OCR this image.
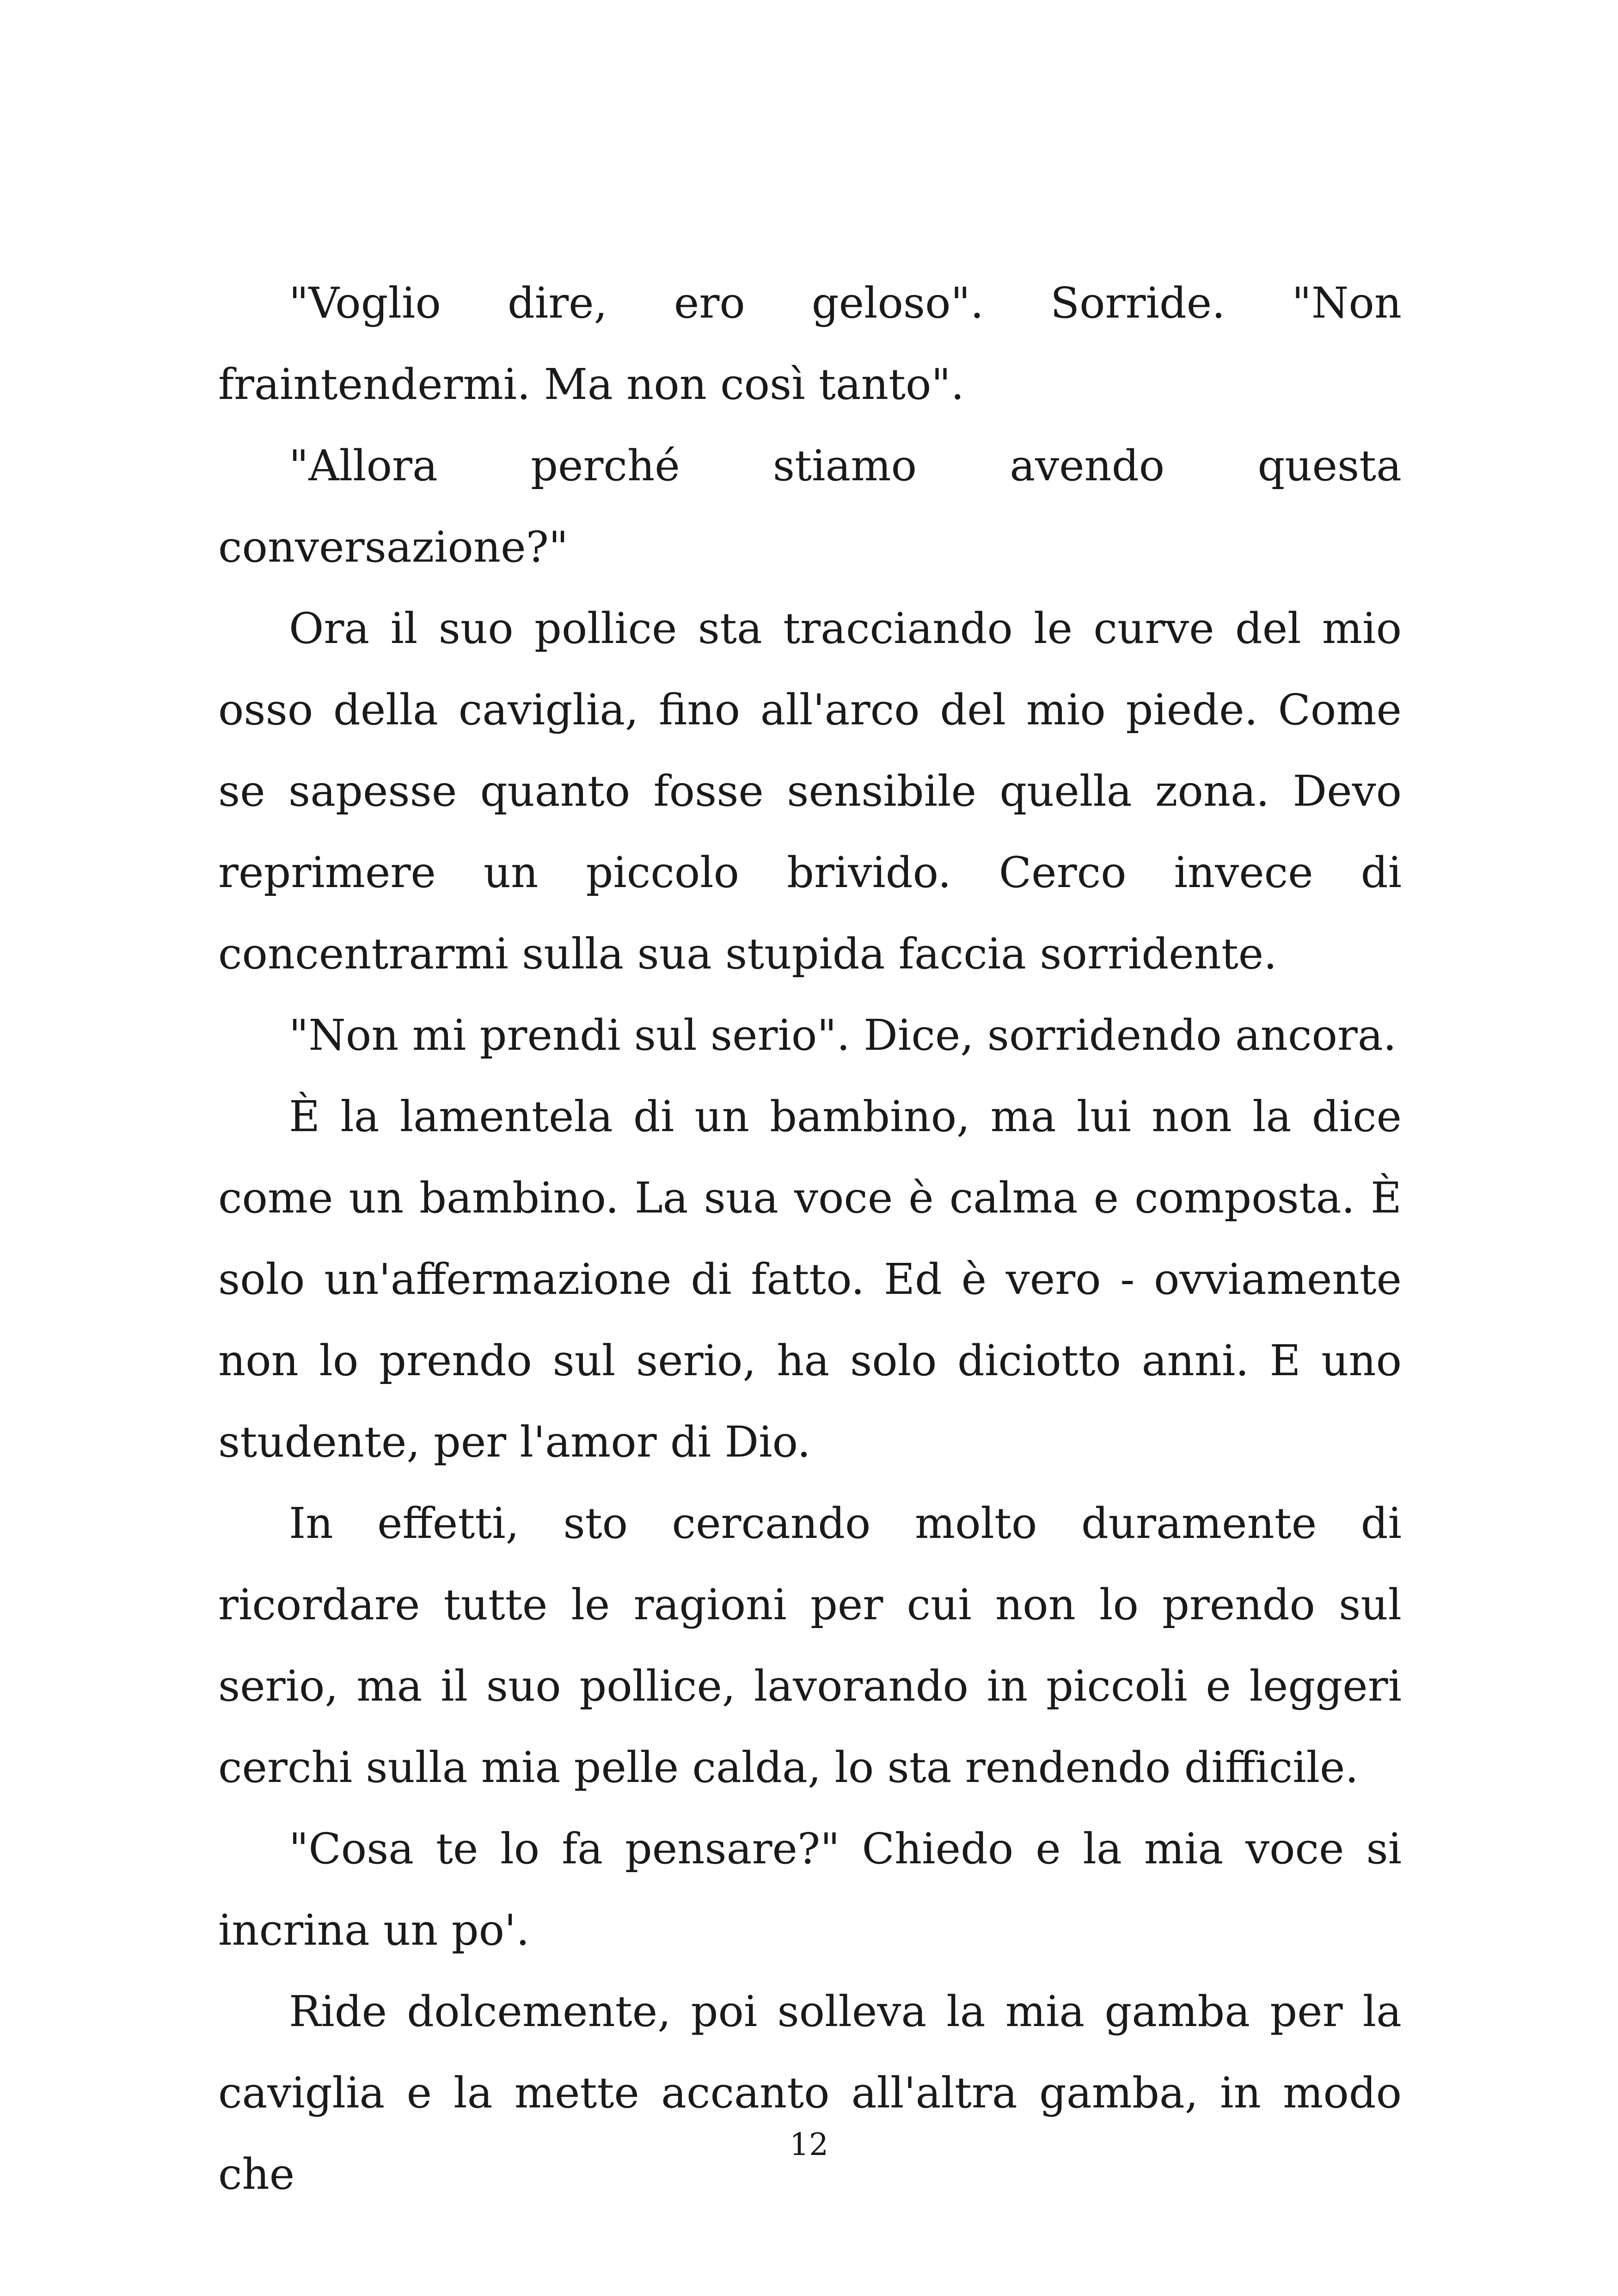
"Voglio dire, ero geloso". Sorride. "Non fraintendermi. Ma non così tanto".

"Allora perché stiamo avendo questa conversazione?"

Ora il suo pollice sta tracciando le curve del mio osso della caviglia, fino all'arco del mio piede. Come se sapesse quanto fosse sensibile quella zona. Devo reprimere un piccolo brivido. Cerco invece di concentrarmi sulla sua stupida faccia sorridente.

"Non mi prendi sul serio". Dice, sorridendo ancora.

È la lamentela di un bambino, ma lui non la dice come un bambino. La sua voce è calma e composta. È solo un'affermazione di fatto. Ed è vero - ovviamente non lo prendo sul serio, ha solo diciotto anni. E uno studente, per l'amor di Dio.

In effetti, sto cercando molto duramente di ricordare tutte le ragioni per cui non lo prendo sul serio, ma il suo pollice, lavorando in piccoli e leggeri cerchi sulla mia pelle calda, lo sta rendendo difficile.

"Cosa te lo fa pensare?" Chiedo e la mia voce si incrina un po'.

Ride dolcemente, poi solleva la mia gamba per la caviglia e la mette accanto all'altra gamba, in modo che

12
